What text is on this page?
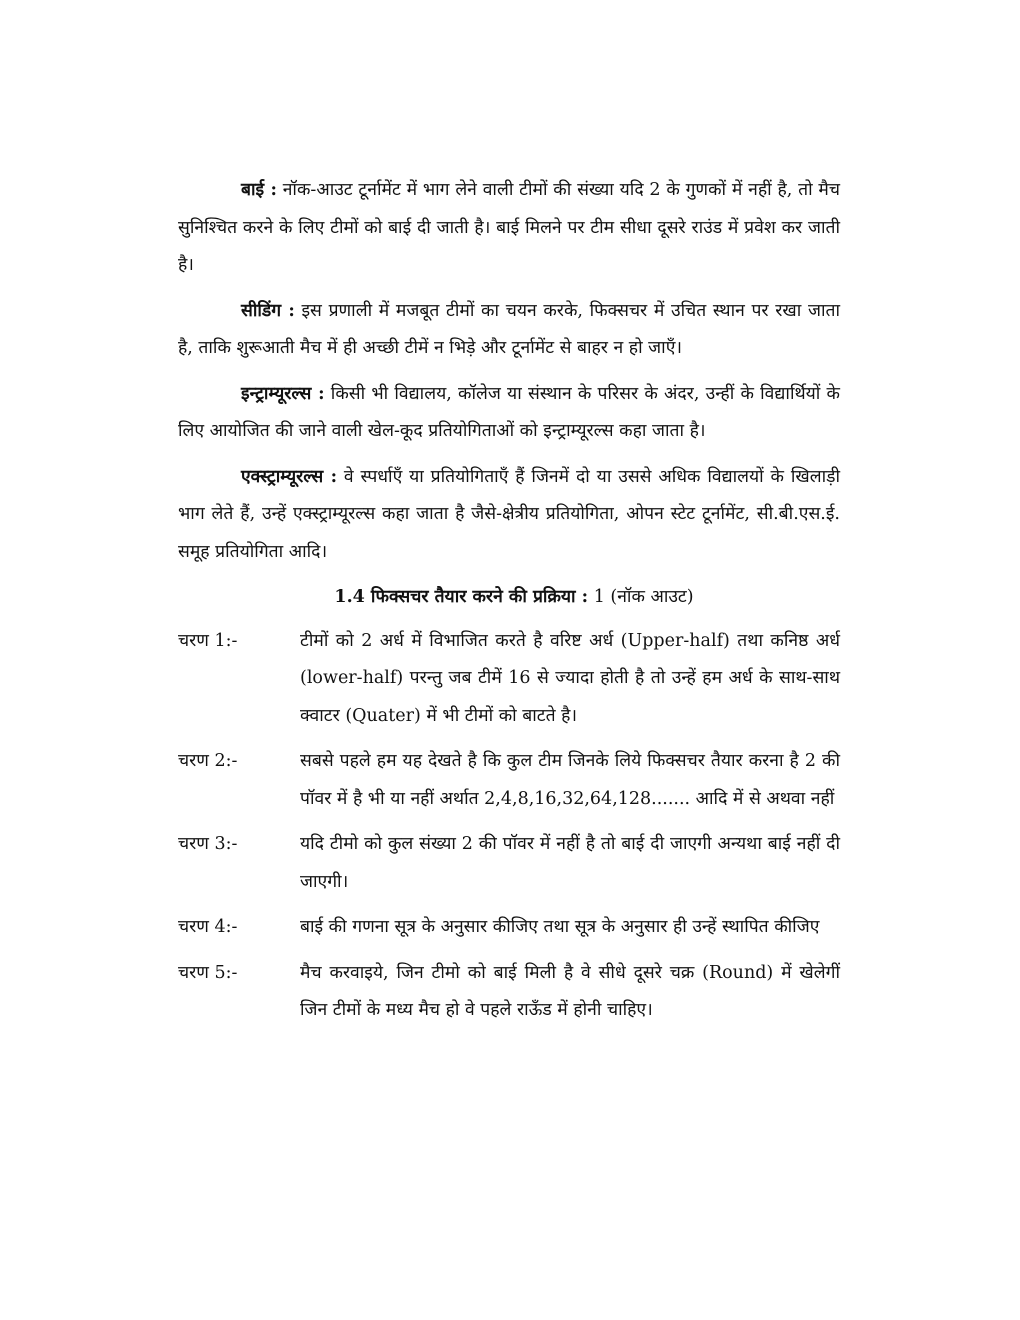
बाई : नॉक-आउट टूर्नामेंट में भाग लेने वाली टीमों की संख्या यदि 2 के गुणकों में नहीं है, तो मैच सुनिश्चित करने के लिए टीमों को बाई दी जाती है। बाई मिलने पर टीम सीधा दूसरे राउंड में प्रवेश कर जाती है।

सीडिंग : इस प्रणाली में मजबूत टीमों का चयन करके, फिक्सचर में उचित स्थान पर रखा जाता है, ताकि शुरूआती मैच में ही अच्छी टीमें न भिड़े और टूर्नामेंट से बाहर न हो जाएँ।

इन्ट्राम्यूरल्स : किसी भी विद्यालय, कॉलेज या संस्थान के परिसर के अंदर, उन्हीं के विद्यार्थियों के लिए आयोजित की जाने वाली खेल-कूद प्रतियोगिताओं को इन्ट्राम्यूरल्स कहा जाता है।

एक्स्ट्राम्यूरल्स : वे स्पर्धाएँ या प्रतियोगिताएँ हैं जिनमें दो या उससे अधिक विद्यालयों के खिलाड़ी भाग लेते हैं, उन्हें एक्स्ट्राम्यूरल्स कहा जाता है जैसे-क्षेत्रीय प्रतियोगिता, ओपन स्टेट टूर्नामेंट, सी.बी.एस.ई. समूह प्रतियोगिता आदि।

1.4 फिक्सचर तैयार करने की प्रक्रिया : 1 (नॉक आउट)
चरण 1:-	टीमों को 2 अर्ध में विभाजित करते है वरिष्ट अर्ध (Upper-half) तथा कनिष्ठ अर्ध (lower-half) परन्तु जब टीमें 16 से ज्यादा होती है तो उन्हें हम अर्ध के साथ-साथ क्वाटर (Quater) में भी टीमों को बाटते है।
चरण 2:-	सबसे पहले हम यह देखते है कि कुल टीम जिनके लिये फिक्सचर तैयार करना है 2 की पॉवर में है भी या नहीं अर्थात 2,4,8,16,32,64,128....... आदि में से अथवा नहीं
चरण 3:-	यदि टीमो को कुल संख्या 2 की पॉवर में नहीं है तो बाई दी जाएगी अन्यथा बाई नहीं दी जाएगी।
चरण 4:-	बाई की गणना सूत्र के अनुसार कीजिए तथा सूत्र के अनुसार ही उन्हें स्थापित कीजिए
चरण 5:-	मैच करवाइये, जिन टीमो को बाई मिली है वे सीधे दूसरे चक्र (Round) में खेलेगीं जिन टीमों के मध्य मैच हो वे पहले राऊँड में होनी चाहिए।
